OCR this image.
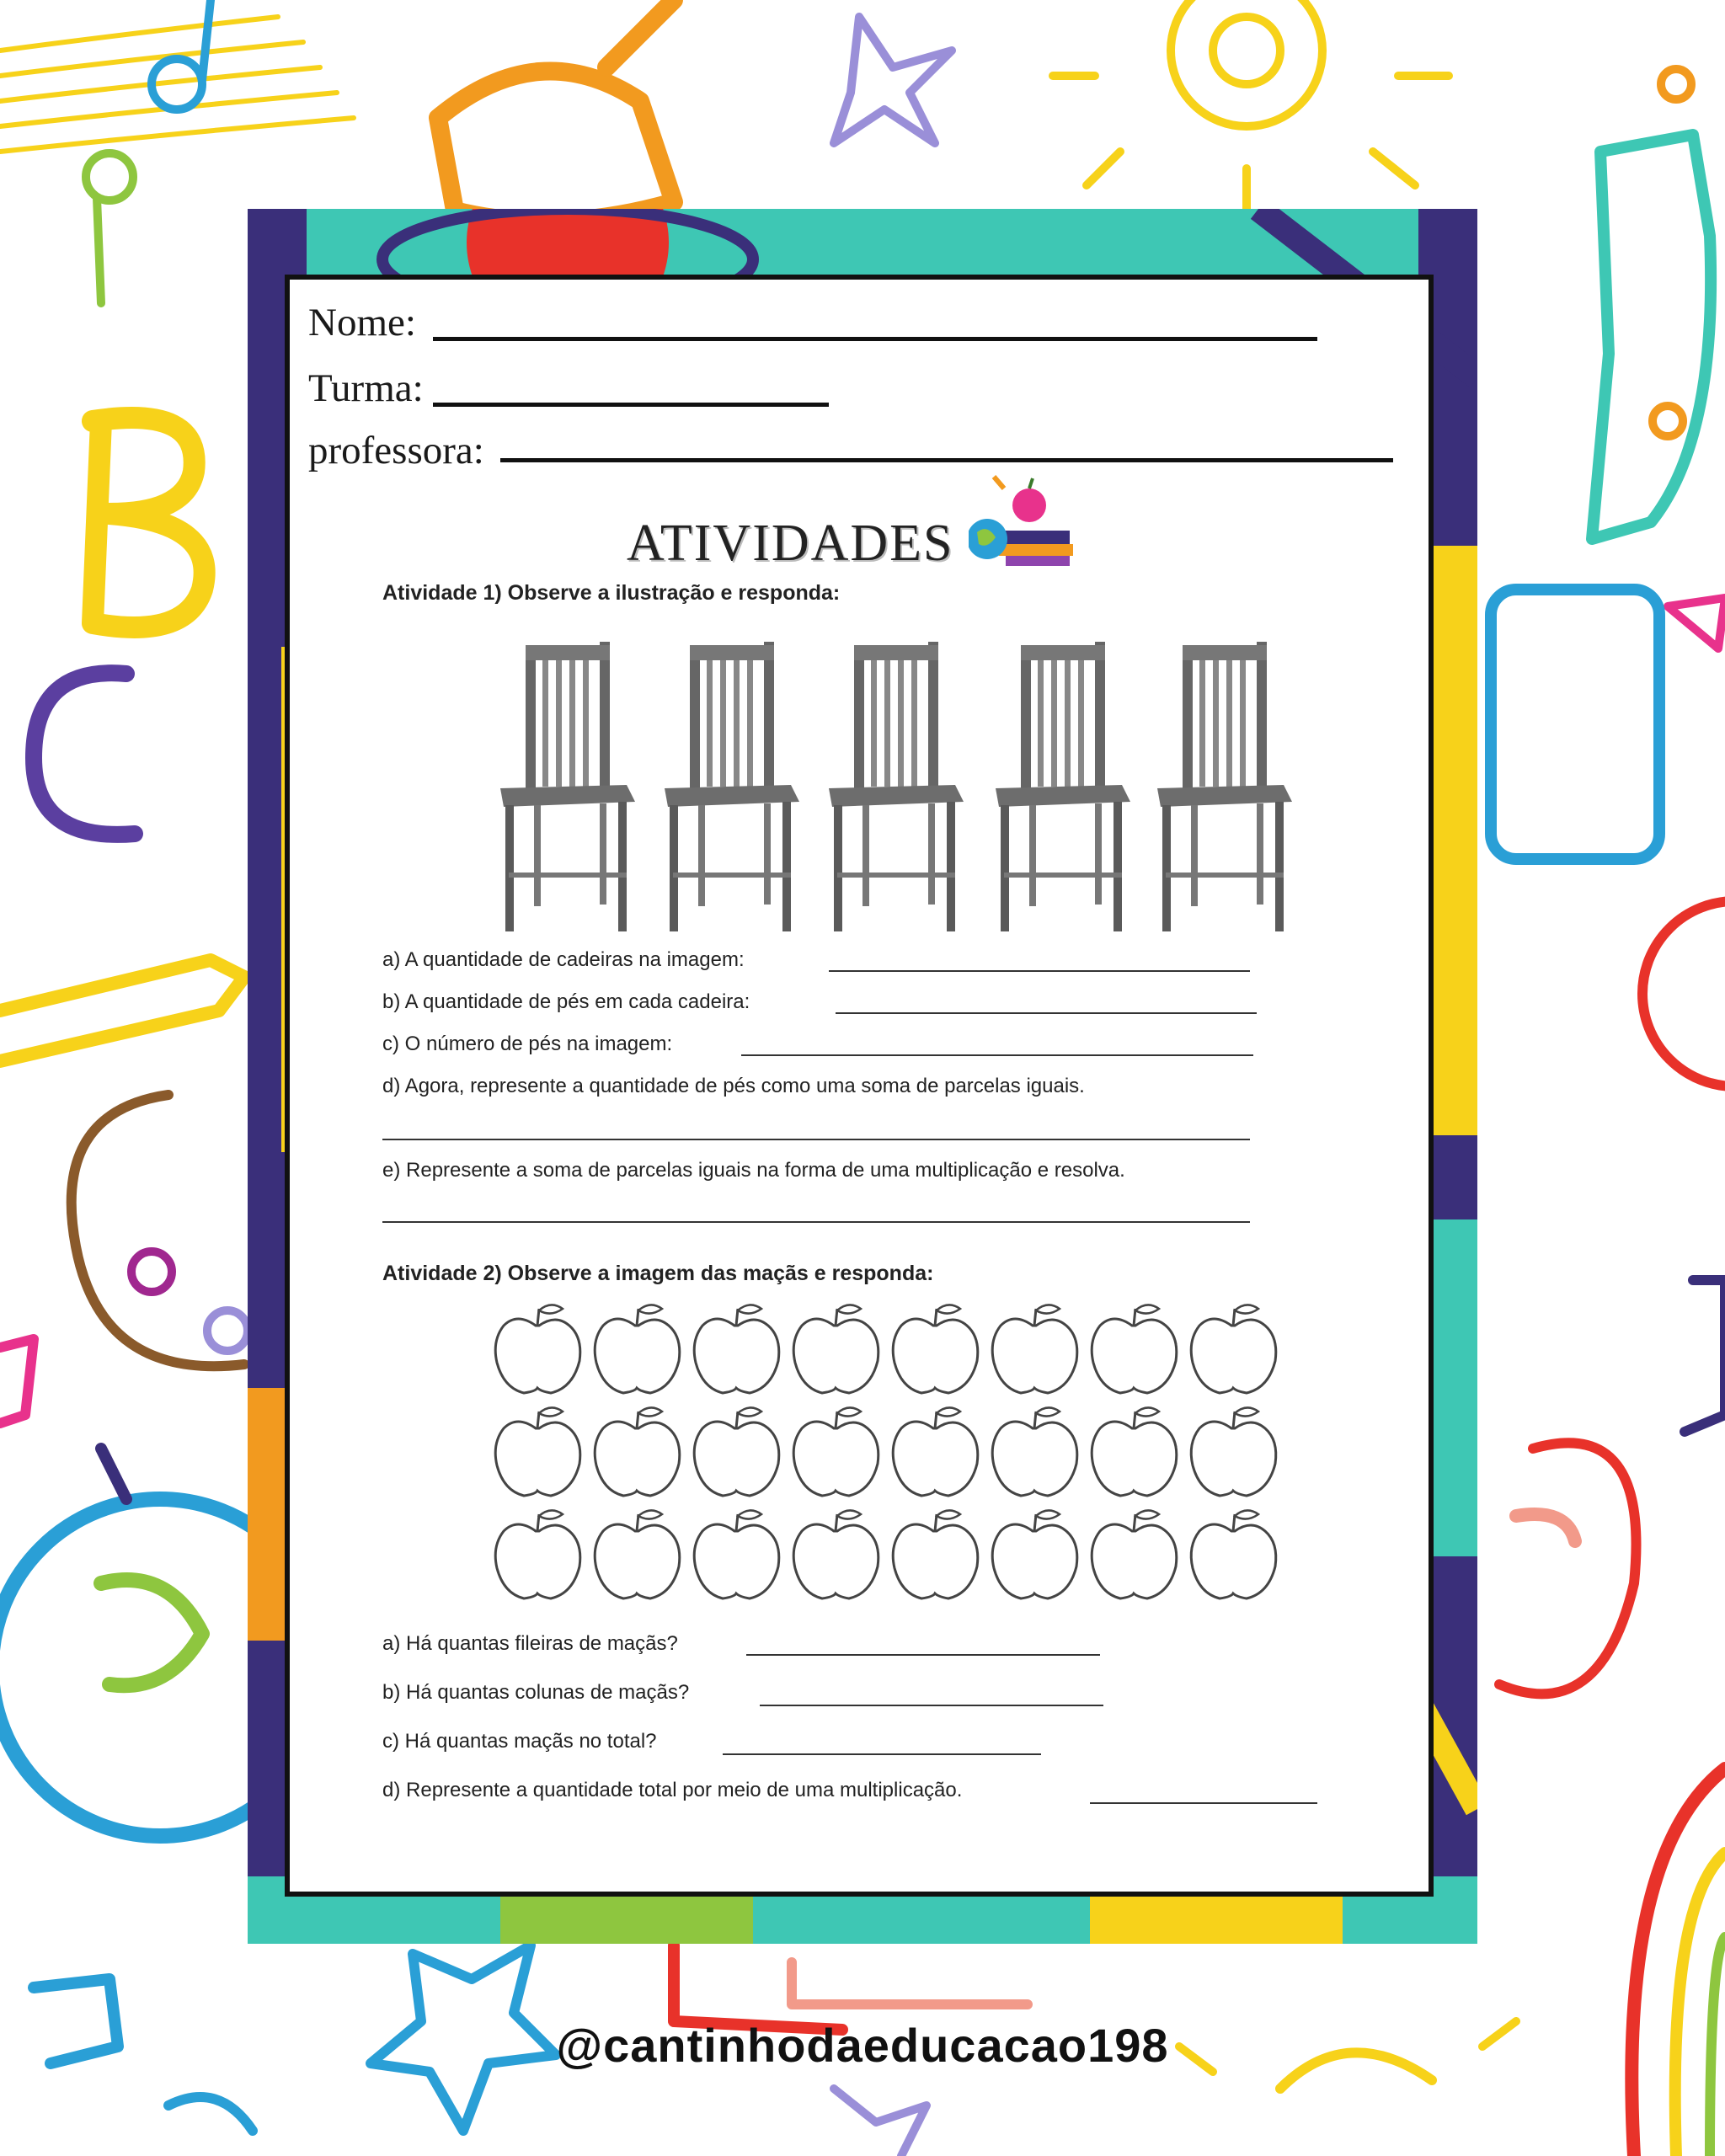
Nome:
Turma:
professora:
ATIVIDADES
Atividade 1) Observe a ilustração e responda:
a) A quantidade de cadeiras na imagem:
b) A quantidade de pés em cada cadeira:
c) O número de pés na imagem:
d) Agora, represente a quantidade de pés como uma soma de parcelas iguais.
e) Represente a soma de parcelas iguais na forma de uma multiplicação e resolva.
Atividade 2) Observe a imagem das maçãs e responda:
a) Há quantas fileiras de maçãs?
b) Há quantas colunas de maçãs?
c) Há quantas maçãs no total?
d) Represente a quantidade total por meio de uma multiplicação.
@cantinhodaeducacao198
